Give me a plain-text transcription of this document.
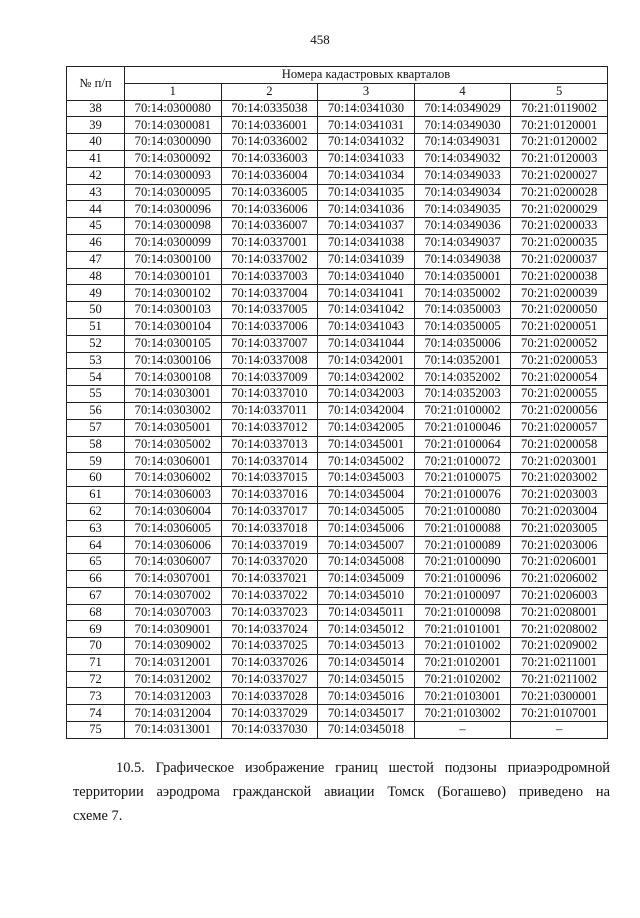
458
№ п/п	Номера кадастровых кварталов				
	1	2	3	4	5
38	70:14:0300080	70:14:0335038	70:14:0341030	70:14:0349029	70:21:0119002
39	70:14:0300081	70:14:0336001	70:14:0341031	70:14:0349030	70:21:0120001
40	70:14:0300090	70:14:0336002	70:14:0341032	70:14:0349031	70:21:0120002
41	70:14:0300092	70:14:0336003	70:14:0341033	70:14:0349032	70:21:0120003
42	70:14:0300093	70:14:0336004	70:14:0341034	70:14:0349033	70:21:0200027
43	70:14:0300095	70:14:0336005	70:14:0341035	70:14:0349034	70:21:0200028
44	70:14:0300096	70:14:0336006	70:14:0341036	70:14:0349035	70:21:0200029
45	70:14:0300098	70:14:0336007	70:14:0341037	70:14:0349036	70:21:0200033
46	70:14:0300099	70:14:0337001	70:14:0341038	70:14:0349037	70:21:0200035
47	70:14:0300100	70:14:0337002	70:14:0341039	70:14:0349038	70:21:0200037
48	70:14:0300101	70:14:0337003	70:14:0341040	70:14:0350001	70:21:0200038
49	70:14:0300102	70:14:0337004	70:14:0341041	70:14:0350002	70:21:0200039
50	70:14:0300103	70:14:0337005	70:14:0341042	70:14:0350003	70:21:0200050
51	70:14:0300104	70:14:0337006	70:14:0341043	70:14:0350005	70:21:0200051
52	70:14:0300105	70:14:0337007	70:14:0341044	70:14:0350006	70:21:0200052
53	70:14:0300106	70:14:0337008	70:14:0342001	70:14:0352001	70:21:0200053
54	70:14:0300108	70:14:0337009	70:14:0342002	70:14:0352002	70:21:0200054
55	70:14:0303001	70:14:0337010	70:14:0342003	70:14:0352003	70:21:0200055
56	70:14:0303002	70:14:0337011	70:14:0342004	70:21:0100002	70:21:0200056
57	70:14:0305001	70:14:0337012	70:14:0342005	70:21:0100046	70:21:0200057
58	70:14:0305002	70:14:0337013	70:14:0345001	70:21:0100064	70:21:0200058
59	70:14:0306001	70:14:0337014	70:14:0345002	70:21:0100072	70:21:0203001
60	70:14:0306002	70:14:0337015	70:14:0345003	70:21:0100075	70:21:0203002
61	70:14:0306003	70:14:0337016	70:14:0345004	70:21:0100076	70:21:0203003
62	70:14:0306004	70:14:0337017	70:14:0345005	70:21:0100080	70:21:0203004
63	70:14:0306005	70:14:0337018	70:14:0345006	70:21:0100088	70:21:0203005
64	70:14:0306006	70:14:0337019	70:14:0345007	70:21:0100089	70:21:0203006
65	70:14:0306007	70:14:0337020	70:14:0345008	70:21:0100090	70:21:0206001
66	70:14:0307001	70:14:0337021	70:14:0345009	70:21:0100096	70:21:0206002
67	70:14:0307002	70:14:0337022	70:14:0345010	70:21:0100097	70:21:0206003
68	70:14:0307003	70:14:0337023	70:14:0345011	70:21:0100098	70:21:0208001
69	70:14:0309001	70:14:0337024	70:14:0345012	70:21:0101001	70:21:0208002
70	70:14:0309002	70:14:0337025	70:14:0345013	70:21:0101002	70:21:0209002
71	70:14:0312001	70:14:0337026	70:14:0345014	70:21:0102001	70:21:0211001
72	70:14:0312002	70:14:0337027	70:14:0345015	70:21:0102002	70:21:0211002
73	70:14:0312003	70:14:0337028	70:14:0345016	70:21:0103001	70:21:0300001
74	70:14:0312004	70:14:0337029	70:14:0345017	70:21:0103002	70:21:0107001
75	70:14:0313001	70:14:0337030	70:14:0345018	–	–
10.5. Графическое изображение границ шестой подзоны приаэродромной
территории аэродрома гражданской авиации Томск (Богашево) приведено на
схеме 7.
